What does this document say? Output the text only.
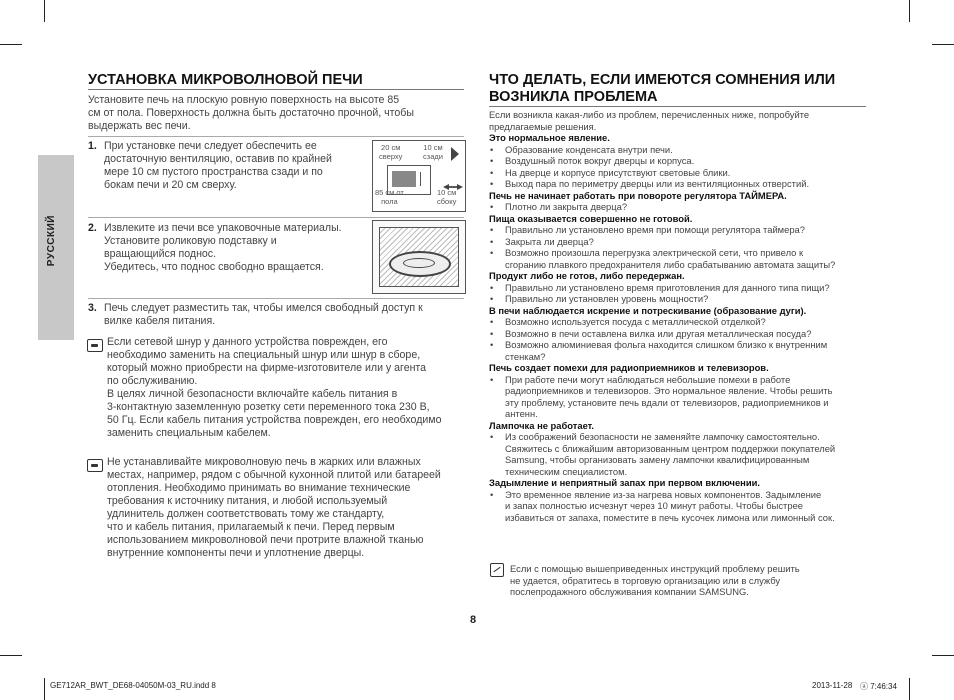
РУССКИЙ
УСТАНОВКА МИКРОВОЛНОВОЙ ПЕЧИ
Установите печь на плоскую ровную поверхность на высоте 85
см от пола. Поверхность должна быть достаточно прочной, чтобы
выдержать вес печи.
1. При установке печи следует обеспечить ее
достаточную вентиляцию, оставив по крайней
мере 10 см пустого пространства сзади и по
бокам печи и 20 см сверху.
20 см
сверху
10 см
сзади
85 см от
пола
10 см
сбоку
2. Извлеките из печи все упаковочные материалы.
Установите роликовую подставку и
вращающийся поднос.
Убедитесь, что поднос свободно вращается.
3. Печь следует разместить так, чтобы имелся свободный доступ к
вилке кабеля питания.
Если сетевой шнур у данного устройства поврежден, его
необходимо заменить на специальный шнур или шнур в сборе,
который можно приобрести на фирме-изготовителе или у агента
по обслуживанию.
В целях личной безопасности включайте кабель питания в
3-контактную заземленную розетку сети переменного тока 230 В,
50 Гц. Если кабель питания устройства поврежден, его необходимо
заменить специальным кабелем.
Не устанавливайте микроволновую печь в жарких или влажных
местах, например, рядом с обычной кухонной плитой или батареей
отопления. Необходимо принимать во внимание технические
требования к источнику питания, и любой используемый
удлинитель должен соответствовать тому же стандарту,
что и кабель питания, прилагаемый к печи. Перед первым
использованием микроволновой печи протрите влажной тканью
внутренние компоненты печи и уплотнение дверцы.
ЧТО ДЕЛАТЬ, ЕСЛИ ИМЕЮТСЯ СОМНЕНИЯ ИЛИ
ВОЗНИКЛА ПРОБЛЕМА
Если возникла какая-либо из проблем, перечисленных ниже, попробуйте
предлагаемые решения.
Это нормальное явление.
•	Образование конденсата внутри печи.
•	Воздушный поток вокруг дверцы и корпуса.
•	На дверце и корпусе присутствуют световые блики.
•	Выход пара по периметру дверцы или из вентиляционных отверстий.
Печь не начинает работать при повороте регулятора ТАЙМЕРА.
•	Плотно ли закрыта дверца?
Пища оказывается совершенно не готовой.
•	Правильно ли установлено время при помощи регулятора таймера?
•	Закрыта ли дверца?
•	Возможно произошла перегрузка электрической сети, что привело к
сгоранию плавкого предохранителя либо срабатыванию автомата защиты?
Продукт либо не готов, либо передержан.
•	Правильно ли установлено время приготовления для данного типа пищи?
•	Правильно ли установлен уровень мощности?
В печи наблюдается искрение и потрескивание (образование дуги).
•	Возможно используется посуда с металлической отделкой?
•	Возможно в печи оставлена вилка или другая металлическая посуда?
•	Возможно алюминиевая фольга находится слишком близко к внутренним
стенкам?
Печь создает помехи для радиоприемников и телевизоров.
•	При работе печи могут наблюдаться небольшие помехи в работе
радиоприемников и телевизоров. Это нормальное явление. Чтобы решить
эту проблему, установите печь вдали от телевизоров, радиоприемников и
антенн.
Лампочка не работает.
•	Из соображений безопасности не заменяйте лампочку самостоятельно.
Свяжитесь с ближайшим авторизованным центром поддержки покупателей
Samsung, чтобы организовать замену лампочки квалифицированным
техническим специалистом.
Задымление и неприятный запах при первом включении.
•	Это временное явление из-за нагрева новых компонентов. Задымление
и запах полностью исчезнут через 10 минут работы. Чтобы быстрее
избавиться от запаха, поместите в печь кусочек лимона или лимонный сок.
Если с помощью вышеприведенных инструкций проблему решить
не удается, обратитесь в торговую организацию или в службу
послепродажного обслуживания компании SAMSUNG.
8
GE712AR_BWT_DE68-04050M-03_RU.indd 8	2013-11-28 ⓐ 7:46:34
